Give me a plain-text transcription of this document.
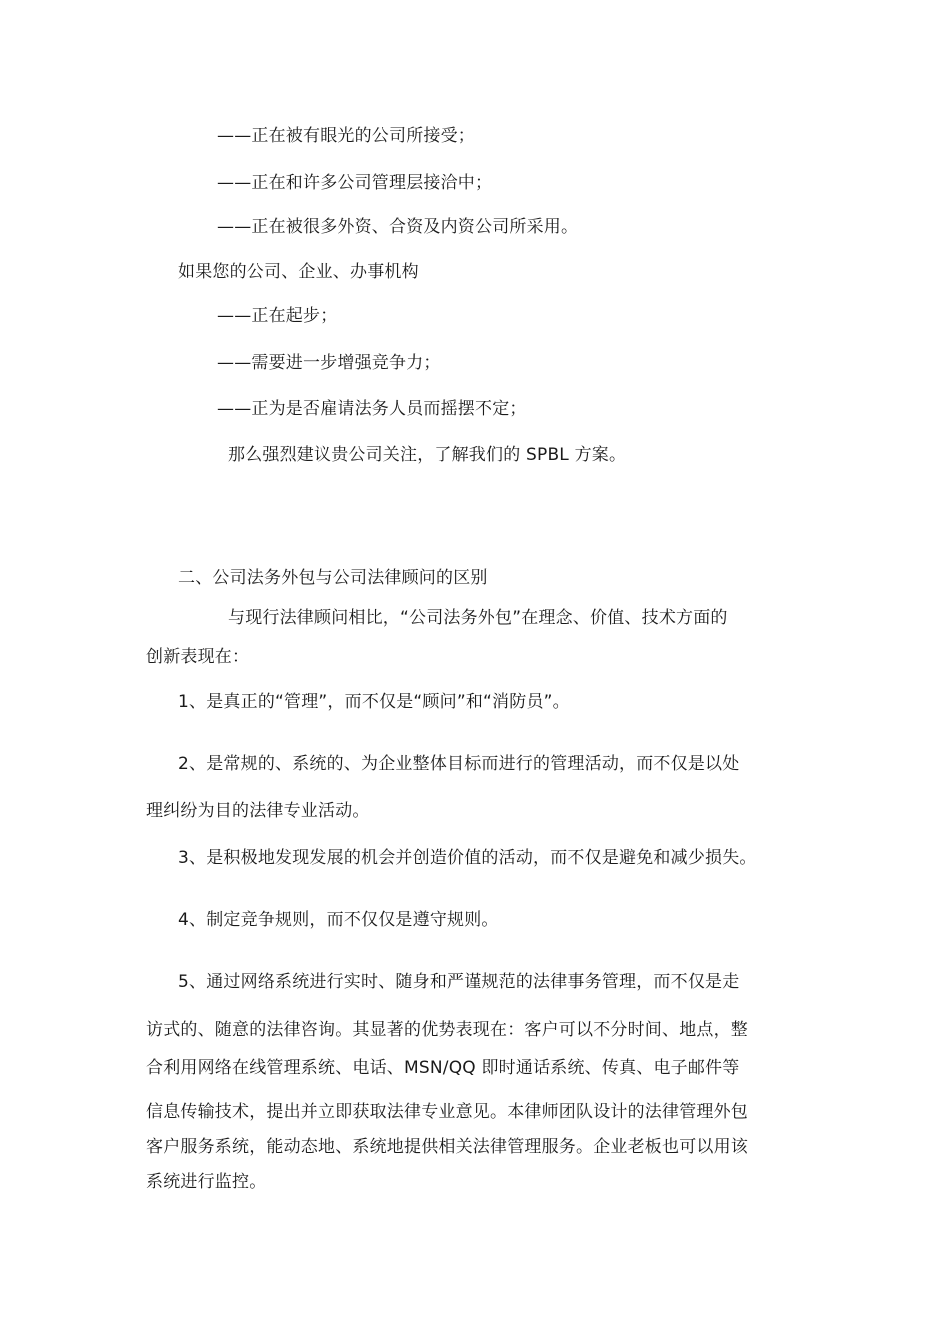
——正在被有眼光的公司所接受；
——正在和许多公司管理层接洽中；
——正在被很多外资、合资及内资公司所采用。
如果您的公司、企业、办事机构
——正在起步；
——需要进一步增强竞争力；
——正为是否雇请法务人员而摇摆不定；
那么强烈建议贵公司关注，了解我们的 SPBL 方案。
二、公司法务外包与公司法律顾问的区别
与现行法律顾问相比，“公司法务外包”在理念、价值、技术方面的
创新表现在：
1、是真正的“管理”，而不仅是“顾问”和“消防员”。
2、是常规的、系统的、为企业整体目标而进行的管理活动，而不仅是以处
理纠纷为目的法律专业活动。
3、是积极地发现发展的机会并创造价值的活动，而不仅是避免和减少损失。
4、制定竞争规则，而不仅仅是遵守规则。
5、通过网络系统进行实时、随身和严谨规范的法律事务管理，而不仅是走
访式的、随意的法律咨询。其显著的优势表现在：客户可以不分时间、地点，整
合利用网络在线管理系统、电话、MSN/QQ 即时通话系统、传真、电子邮件等
信息传输技术，提出并立即获取法律专业意见。本律师团队设计的法律管理外包
客户服务系统，能动态地、系统地提供相关法律管理服务。企业老板也可以用该
系统进行监控。
